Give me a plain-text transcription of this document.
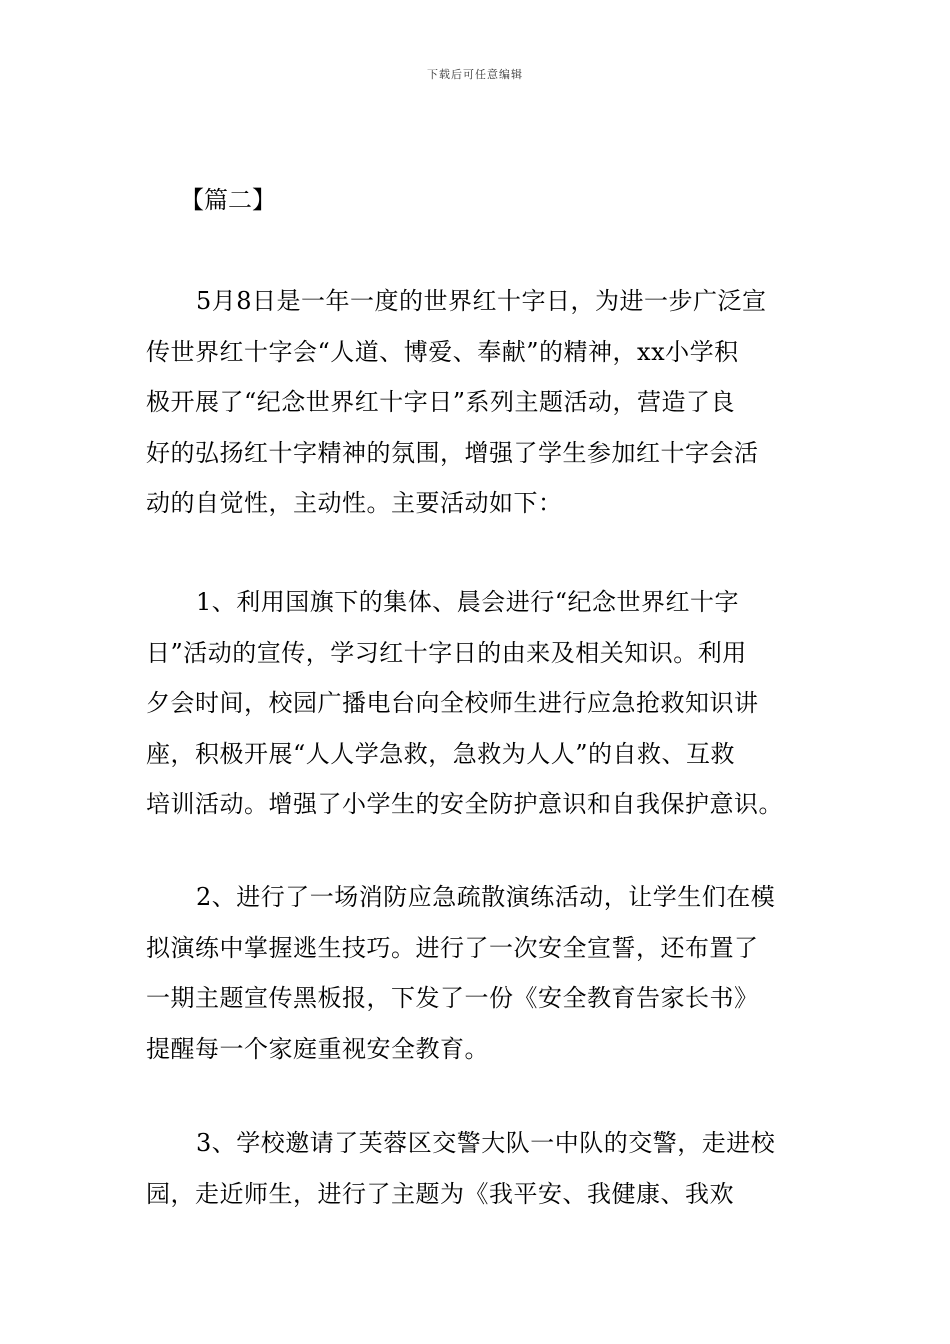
下载后可任意编辑
【篇二】
5月8日是一年一度的世界红十字日，为进一步广泛宣
传世界红十字会“人道、博爱、奉献”的精神，xx小学积
极开展了“纪念世界红十字日”系列主题活动，营造了良
好的弘扬红十字精神的氛围，增强了学生参加红十字会活
动的自觉性，主动性。主要活动如下：
1、利用国旗下的集体、晨会进行“纪念世界红十字
日”活动的宣传，学习红十字日的由来及相关知识。利用
夕会时间，校园广播电台向全校师生进行应急抢救知识讲
座，积极开展“人人学急救，急救为人人”的自救、互救
培训活动。增强了小学生的安全防护意识和自我保护意识。
2、进行了一场消防应急疏散演练活动，让学生们在模
拟演练中掌握逃生技巧。进行了一次安全宣誓，还布置了
一期主题宣传黑板报，下发了一份《安全教育告家长书》
提醒每一个家庭重视安全教育。
3、学校邀请了芙蓉区交警大队一中队的交警，走进校
园，走近师生，进行了主题为《我平安、我健康、我欢
